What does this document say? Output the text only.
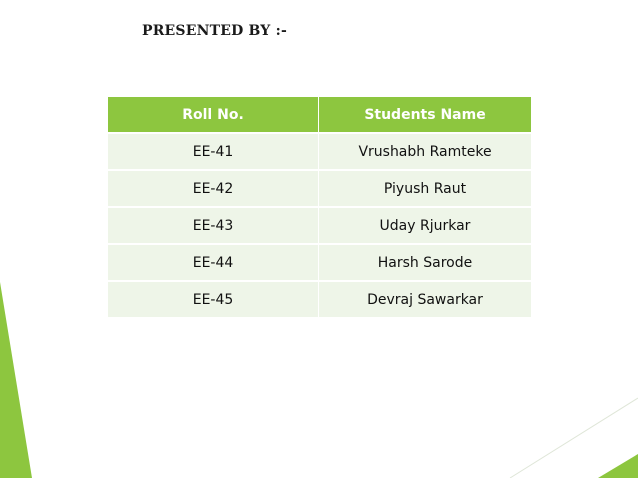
PRESENTED BY :-
Roll No.	Students Name
EE-41	Vrushabh Ramteke
EE-42	Piyush Raut
EE-43	Uday Rjurkar
EE-44	Harsh Sarode
EE-45	Devraj Sawarkar
